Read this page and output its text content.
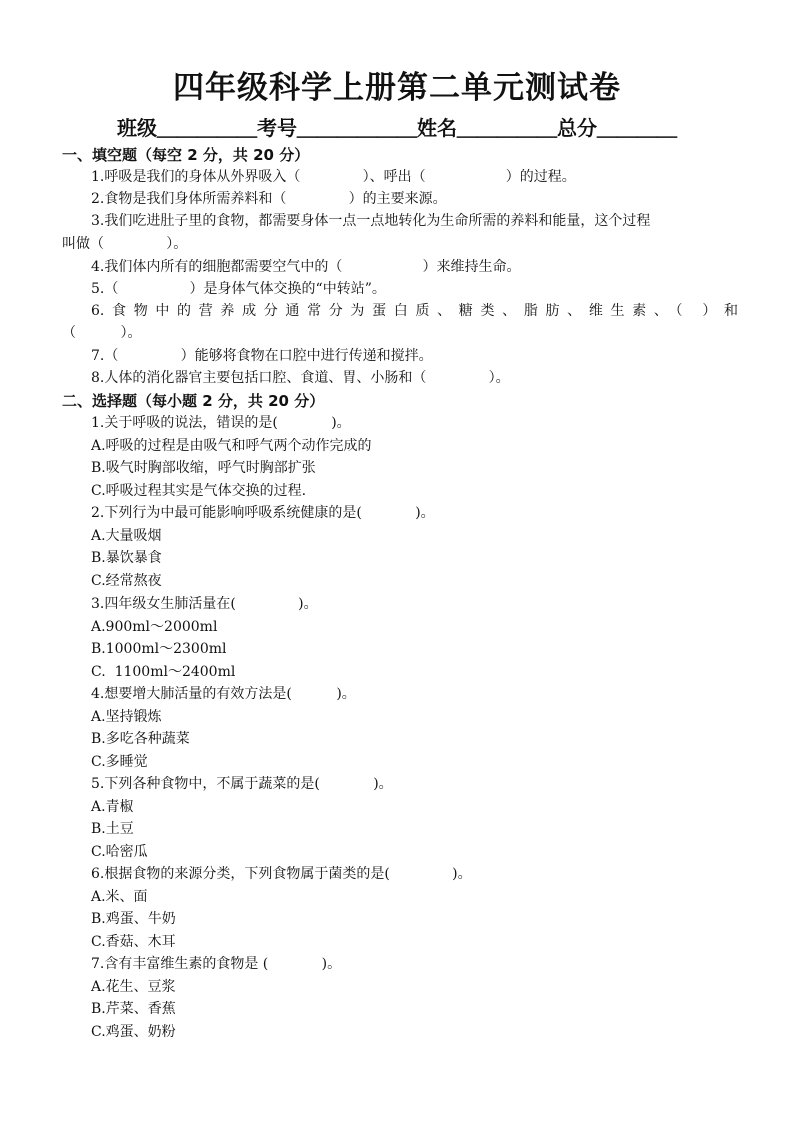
四年级科学上册第二单元测试卷
班级＿＿＿＿＿考号＿＿＿＿＿＿姓名＿＿＿＿＿总分＿＿＿＿
一、填空题（每空 2 分，共 20 分）
1.呼吸是我们的身体从外界吸入（              ）、呼出（                  ）的过程。
2.食物是我们身体所需养料和（              ）的主要来源。
3.我们吃进肚子里的食物，都需要身体一点一点地转化为生命所需的养料和能量，这个过程
叫做（              ）。
4.我们体内所有的细胞都需要空气中的（                  ）来维持生命。
5.（                ）是身体气体交换的“中转站”。
6.食物中的营养成分通常分为蛋白质、糖类、脂肪、维生素、（ ）和
（          ）。
7.（              ）能够将食物在口腔中进行传递和搅拌。
8.人体的消化器官主要包括口腔、食道、胃、小肠和（              ）。
二、选择题（每小题 2 分，共 20 分）
1.关于呼吸的说法，错误的是(            )。
A.呼吸的过程是由吸气和呼气两个动作完成的
B.吸气时胸部收缩，呼气时胸部扩张
C.呼吸过程其实是气体交换的过程.
2.下列行为中最可能影响呼吸系统健康的是(            )。
A.大量吸烟
B.暴饮暴食
C.经常熬夜
3.四年级女生肺活量在(              )。
A.900ml～2000ml
B.1000ml～2300ml
C.  1100ml～2400ml
4.想要增大肺活量的有效方法是(          )。
A.坚持锻炼
B.多吃各种蔬菜
C.多睡觉
5.下列各种食物中，不属于蔬菜的是(            )。
A.青椒
B.土豆
C.哈密瓜
6.根据食物的来源分类，下列食物属于菌类的是(              )。
A.米、面
B.鸡蛋、牛奶
C.香菇、木耳
7.含有丰富维生素的食物是 (            )。
A.花生、豆浆
B.芹菜、香蕉
C.鸡蛋、奶粉
